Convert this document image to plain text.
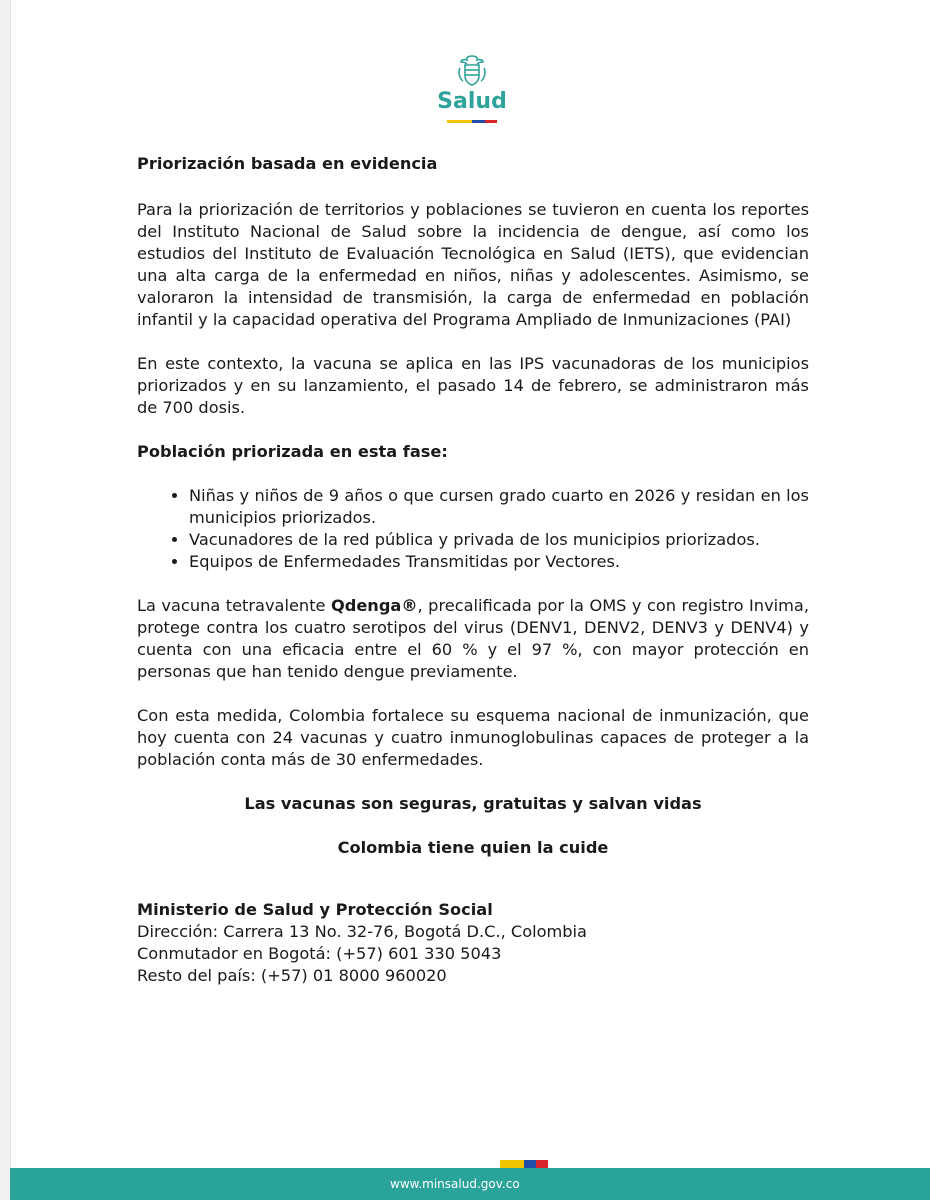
Salud

Priorización basada en evidencia

Para la priorización de territorios y poblaciones se tuvieron en cuenta los reportes del Instituto Nacional de Salud sobre la incidencia de dengue, así como los estudios del Instituto de Evaluación Tecnológica en Salud (IETS), que evidencian una alta carga de la enfermedad en niños, niñas y adolescentes. Asimismo, se valoraron la intensidad de transmisión, la carga de enfermedad en población infantil y la capacidad operativa del Programa Ampliado de Inmunizaciones (PAI)

En este contexto, la vacuna se aplica en las IPS vacunadoras de los municipios priorizados y en su lanzamiento, el pasado 14 de febrero, se administraron más de 700 dosis.

Población priorizada en esta fase:

• Niñas y niños de 9 años o que cursen grado cuarto en 2026 y residan en los municipios priorizados.
• Vacunadores de la red pública y privada de los municipios priorizados.
• Equipos de Enfermedades Transmitidas por Vectores.

La vacuna tetravalente Qdenga®, precalificada por la OMS y con registro Invima, protege contra los cuatro serotipos del virus (DENV1, DENV2, DENV3 y DENV4) y cuenta con una eficacia entre el 60 % y el 97 %, con mayor protección en personas que han tenido dengue previamente.

Con esta medida, Colombia fortalece su esquema nacional de inmunización, que hoy cuenta con 24 vacunas y cuatro inmunoglobulinas capaces de proteger a la población conta más de 30 enfermedades.

Las vacunas son seguras, gratuitas y salvan vidas

Colombia tiene quien la cuide

Ministerio de Salud y Protección Social

Dirección: Carrera 13 No. 32-76, Bogotá D.C., Colombia

Conmutador en Bogotá: (+57) 601 330 5043

Resto del país: (+57) 01 8000 960020

www.minsalud.gov.co
